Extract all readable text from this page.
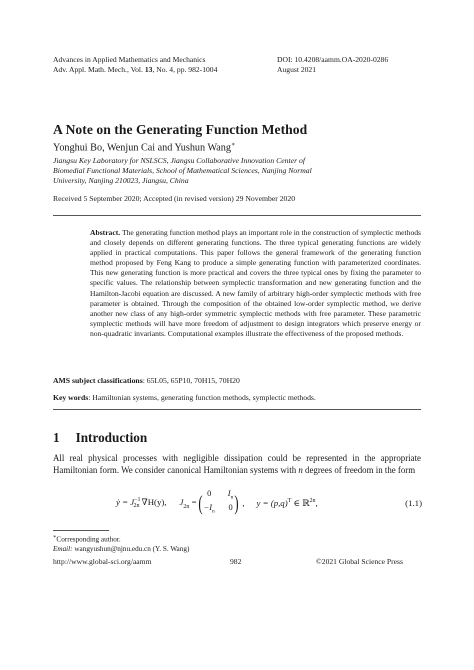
Advances in Applied Mathematics and Mechanics
Adv. Appl. Math. Mech., Vol. 13, No. 4, pp. 982-1004
DOI: 10.4208/aamm.OA-2020-0286
August 2021
A Note on the Generating Function Method
Yonghui Bo, Wenjun Cai and Yushun Wang∗
Jiangsu Key Laboratory for NSLSCS, Jiangsu Collaborative Innovation Center of
Biomedial Functional Materials, School of Mathematical Sciences, Nanjing Normal
University, Nanjing 210023, Jiangsu, China
Received 5 September 2020; Accepted (in revised version) 29 November 2020
Abstract. The generating function method plays an important role in the construction of symplectic methods and closely depends on different generating functions. The three typical generating functions are widely applied in practical computations. This paper follows the general framework of the generating function method proposed by Feng Kang to produce a simple generating function with parameterized coordinates. This new generating function is more practical and covers the three typical ones by fixing the parameter to specific values. The relationship between symplectic transformation and new generating function and the Hamilton-Jacobi equation are discussed. A new family of arbitrary high-order symplectic methods with free parameter is obtained. Through the composition of the obtained low-order symplectic method, we derive another new class of any high-order symmetric symplectic methods with free parameter. These parametric symplectic methods will have more freedom of adjustment to design integrators which preserve energy or non-quadratic invariants. Computational examples illustrate the effectiveness of the proposed methods.
AMS subject classifications: 65L05, 65P10, 70H15, 70H20
Key words: Hamiltonian systems, generating function methods, symplectic methods.
1 Introduction
All real physical processes with negligible dissipation could be represented in the appropriate Hamiltonian form. We consider canonical Hamiltonian systems with n degrees of freedom in the form
ẏ = $J^{-1}_{2n}$ ∇H(y), $J_{2n}$ = ( 0	$I_n$
$-I_n$ 0 ) , $y = (p,q)^T$ ∈ ℝ$^{2n}$,	(1.1)
∗Corresponding author.
Email: wangyushun@njnu.edu.cn (Y. S. Wang)
http://www.global-sci.org/aamm	982	©2021 Global Science Press
